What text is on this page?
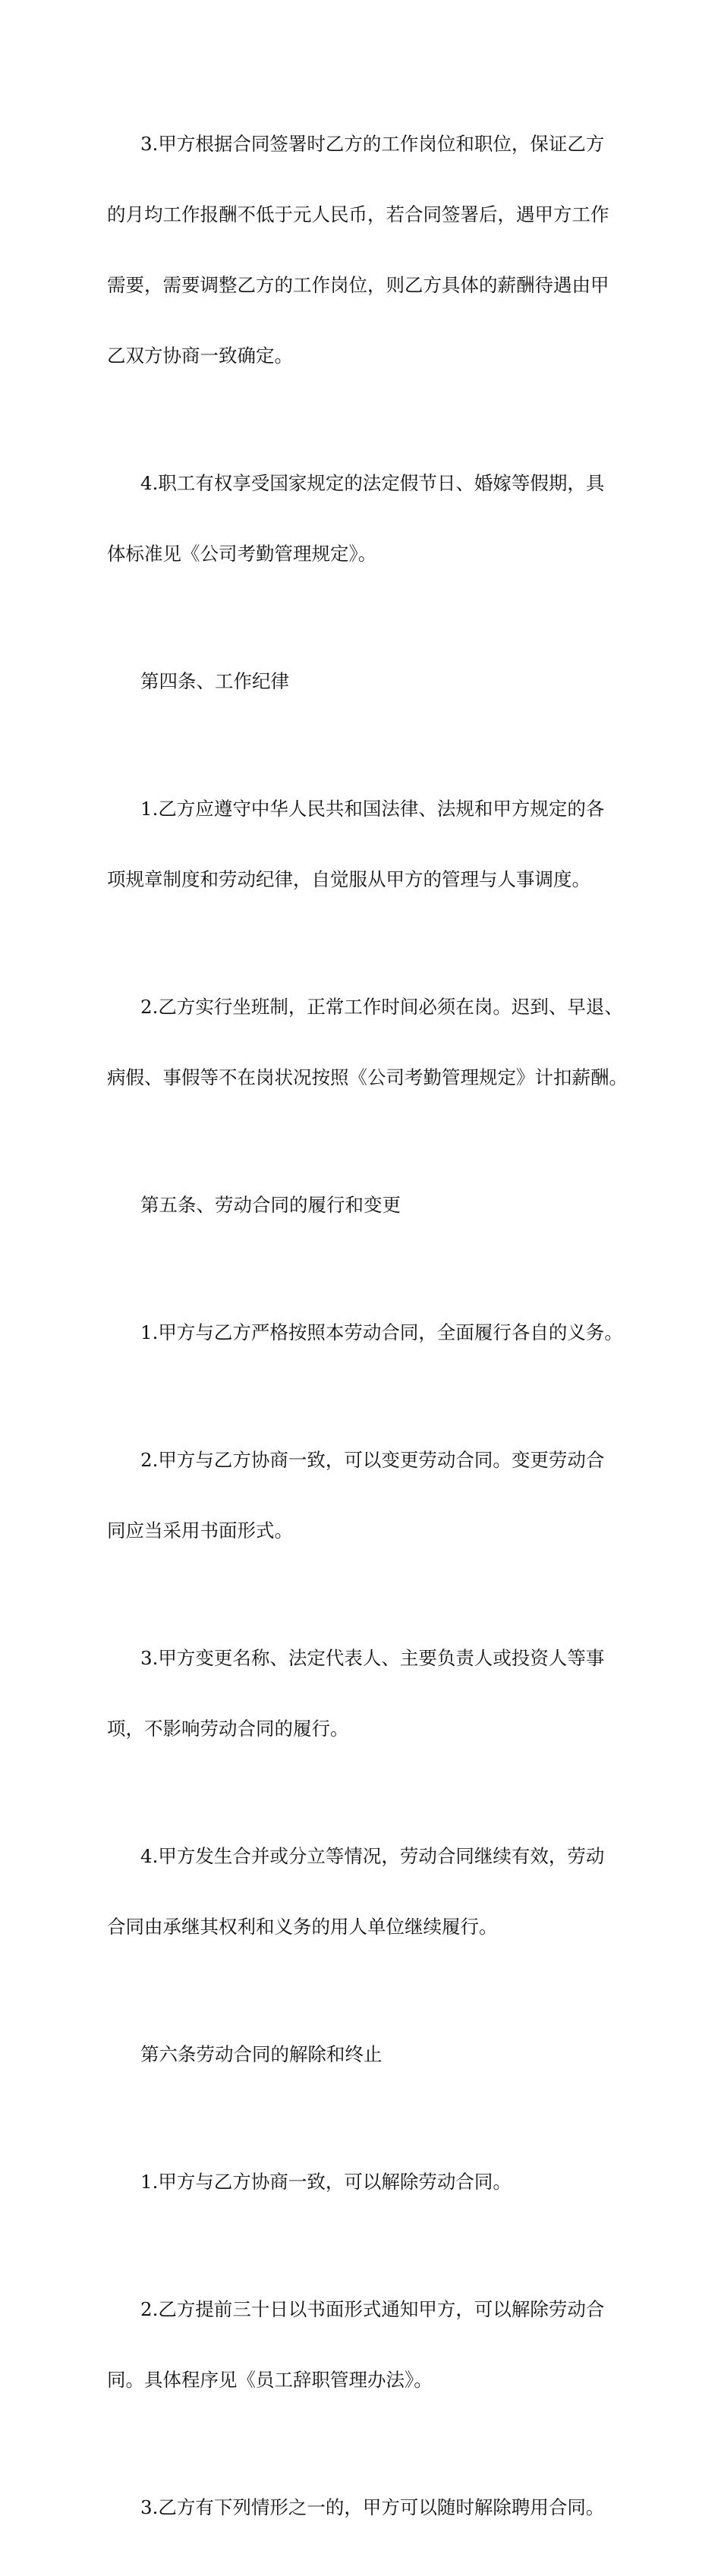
3.甲方根据合同签署时乙方的工作岗位和职位，保证乙方

的月均工作报酬不低于元人民币，若合同签署后，遇甲方工作

需要，需要调整乙方的工作岗位，则乙方具体的薪酬待遇由甲

乙双方协商一致确定。

4.职工有权享受国家规定的法定假节日、婚嫁等假期，具

体标准见《公司考勤管理规定》。

第四条、工作纪律

1.乙方应遵守中华人民共和国法律、法规和甲方规定的各

项规章制度和劳动纪律，自觉服从甲方的管理与人事调度。

2.乙方实行坐班制，正常工作时间必须在岗。迟到、早退、

病假、事假等不在岗状况按照《公司考勤管理规定》计扣薪酬。

第五条、劳动合同的履行和变更

1.甲方与乙方严格按照本劳动合同，全面履行各自的义务。

2.甲方与乙方协商一致，可以变更劳动合同。变更劳动合

同应当采用书面形式。

3.甲方变更名称、法定代表人、主要负责人或投资人等事

项，不影响劳动合同的履行。

4.甲方发生合并或分立等情况，劳动合同继续有效，劳动

合同由承继其权利和义务的用人单位继续履行。

第六条劳动合同的解除和终止

1.甲方与乙方协商一致，可以解除劳动合同。

2.乙方提前三十日以书面形式通知甲方，可以解除劳动合

同。具体程序见《员工辞职管理办法》。

3.乙方有下列情形之一的，甲方可以随时解除聘用合同。
